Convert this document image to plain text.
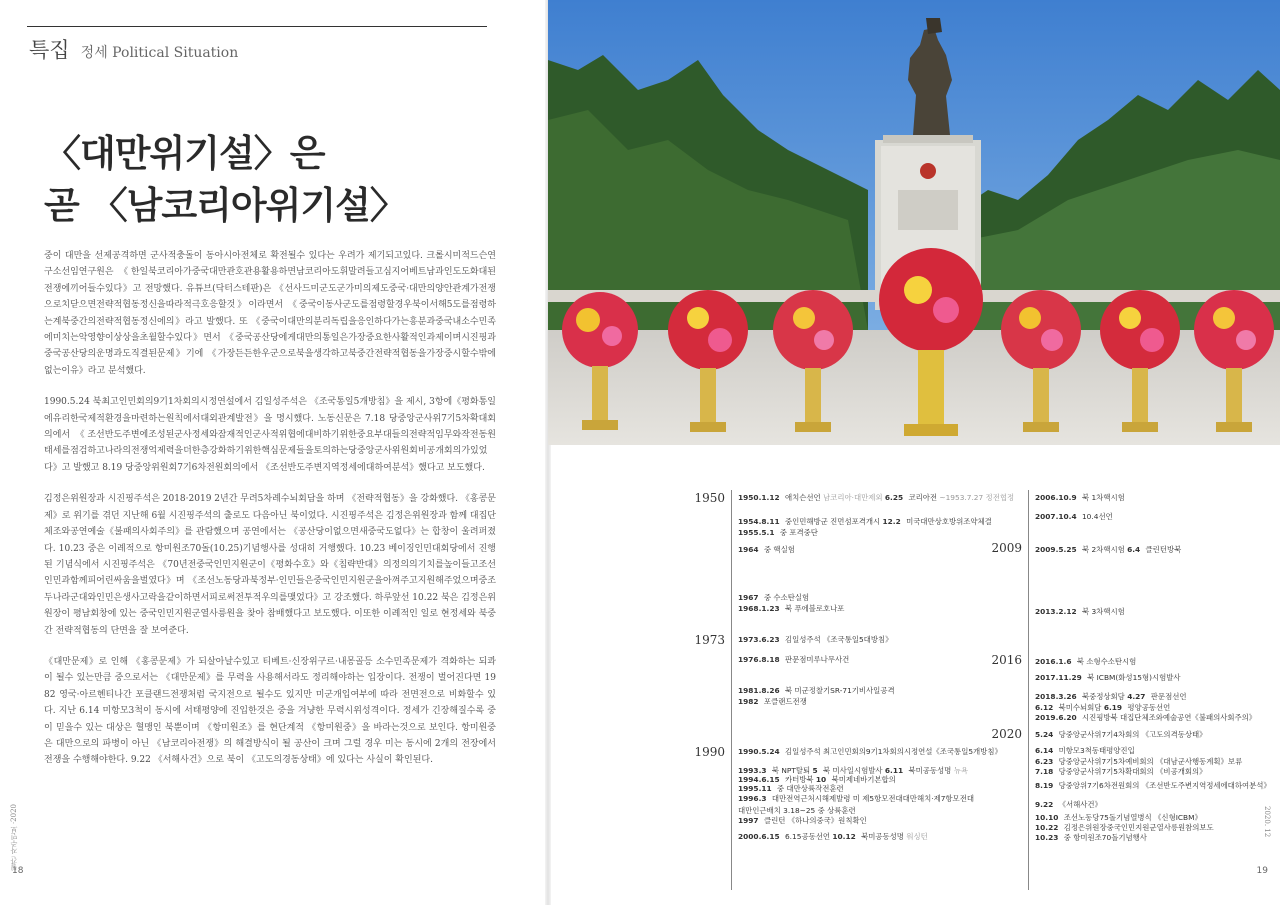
특집 정세 Political Situation
〈대만위기설〉은
곧 〈남코리아위기설〉

중이 대만을 선제공격하면 군사적충돌이 동아시아전체로 확전될수 있다는 우려가 제기되고있다. 크롤시미적드슨연구소선임연구원은 《한일북코리아가중국대만관호관용활용하면남코리아도휘말려들고심지어베트남과인도도화대된전쟁에끼어들수있다》고 전망했다. 유튜브(닥터스테판)은 《선사드미군도군가미의제도중국·대만의양안관계가전쟁으로치닫으면전략적협동정신을따라적극호응할것》이라면서 《중국이동사군도를점령할경우북이서해5도를점령하는계북중간의전략적협동정신에의》라고 발했다. 또 《중국이대만의분리독립을응인하다가는흥분과중국내소수민족에미치는악영향이상상을초월할수있다》면서 《중국공산당에게대만의통일은가장중요한사활적인과제이며시진핑과중국공산당의운명과도직결된문제》기에 《가장든든한우군으로북을생각하고북중간전략적협동을가장중시할수밖에없는이유》라고 분석했다.

1990.5.24 북최고인민회의9기1차회의시정연설에서 김일성주석은 《조국통일5개방침》을 제시, 3항에《평화통일에유리한국제적환경을마련하는원칙에서대외관계발전》을 명시했다. 노동신문은 7.18 당중앙군사위7기5차확대회의에서 《조선반도주변에조성된군사정세와잠재적인군사적위협에대비하기위한중요부대들의전략적임무와작전동원태세를점검하고나라의전쟁억제력을더한층강화하기위한핵심문제들을토의하는당중앙군사위원회비공개회의가있었다》고 발했고 8.19 당중앙위원회7기6차전원회의에서 《조선반도주변지역정세에대하여분석》했다고 보도했다.

김정은위원장과 시진핑주석은 2018·2019 2년간 무려5차례수뇌회담을 하며 《전략적협동》을 강화했다. 《홍콩문제》로 위기를 겪던 지난해 6월 시진핑주석의 출로도 다음아닌 북이었다. 시진핑주석은 김정은위원장과 함께 대집단체조와공연예술《불패의사회주의》를 관람했으며 공연에서는 《공산당이없으면새중국도없다》는 합창이 울려퍼졌다. 10.23 중은 이례적으로 항미원조70돌(10.25)기념행사를 성대히 거행했다. 10.23 베이징인민대회당에서 진행된 기념식에서 시진핑주석은 《70년전중국인민지원군이《평화수호》와《침략반대》의정의의기치를높이들고조선인민과함께피어린싸움을벌였다》며 《조선노동당과북정부·인민들은중국인민지원군을아껴주고지원해주었으며중조두나라군대와인민은생사고락을같이하면서피로써전투적우의를맺었다》고 강조했다. 하루앞선 10.22 북은 김정은위원장이 평남회창에 있는 중국인민지원군열사릉원을 찾아 참배했다고 보도했다. 이또한 이례적인 일로 현정세와 북중간 전략적협동의 단면을 잘 보여준다.

《대만문제》로 인해 《홍콩문제》가 되살아날수있고 티베트·신장위구르·내몽골등 소수민족문제가 격화하는 되콰이 될수 있는만큼 중으로서는 《대만문제》를 무력을 사용해서라도 정리해야하는 입장이다. 전쟁이 벌어진다면 1982 영국·아르헨티나간 포클랜드전쟁처럼 국지전으로 될수도 있지만 미군개입여부에 따라 전면전으로 비화할수 있다. 지난 6.14 미항모3척이 동시에 서태평양에 진입한것은 중을 겨냥한 무력시위성격이다. 정세가 긴장해질수록 중이 믿을수 있는 대상은 혈맹인 북뿐이며 《항미원조》를 현단계적 《항미원중》을 바라는것으로 보인다. 항미원중은 대만으로의 파병이 아닌 《남코리아전쟁》의 해결방식이 될 공산이 크며 그럴 경우 미는 동시에 2개의 전장에서 전쟁을 수행해야한다. 9.22 《서해사건》으로 북이 《고도의경동상태》에 있다는 사실이 확인된다.

월간 자주민보 ·2020
18
1950
1973
1990
2009
2016
2020
1950.1.12 애치슨선언 남코리아·대만제외 6.25 코리아전 ~1953.7.27 정전협정
1954.8.11 중인민해방군 진먼섬포격개시 12.2 미국대만상호방위조약체결
1955.5.1 중 포격중단
1964 중 핵실험
1967 중 수소탄실험
1968.1.23 북 푸에블로호나포
1973.6.23 김일성주석 《조국통일5대방침》
1976.8.18 판문점미루나무사건
1981.8.26 북 미군정찰기SR-71기비사일공격
1982 포클랜드전쟁
1990.5.24 김일성주석 최고인민회의9기1차회의시정연설《조국통일5개방침》
1993.3 북 NPT탈퇴 5 북 미사일시험발사 6.11 북미공동성명 뉴욕
1994.6.15 카터방북 10 북미제네바기본합의
1995.11 중 대만상륙작전훈련
1996.3 대만전역근처시해제발령 미 제5항모전대대만해치·제7항모전대
대만인근배치 3.18~25 중 상륙훈련
1997 클린턴 《하나의중국》원칙확인
2000.6.15 6.15공동선언 10.12 북미공동성명 워싱턴
2006.10.9 북 1차핵시험
2007.10.4 10.4선언
2009.5.25 북 2차핵시험 6.4 클린턴방북
2013.2.12 북 3차핵시험
2016.1.6 북 소형수소탄시험
2017.11.29 북 ICBM(화성15형)시험발사
2018.3.26 북중정상회담 4.27 판문점선언
6.12 북미수뇌회담 6.19 평양공동선언
2019.6.20 시진핑방북 대집단체조와예술공연《불패의사회주의》
5.24 당중앙군사위7기4차회의 《고도의격동상태》
6.14 미항모3척동태평양진입
6.23 당중앙군사위7기5차예비회의 《대남군사행동계획》보류
7.18 당중앙군사위7기5차확대회의 《비공개회의》
8.19 당중앙위7기6차전원회의 《조선반도주변지역정세에대하여분석》
9.22 《서해사건》
10.10 조선노동당75돌기념열병식 《신형ICBM》
10.22 김정은위원장중국인민지원군열사릉원참의보도
10.23 중 항미원조70돌기념행사
2020. 12
19
